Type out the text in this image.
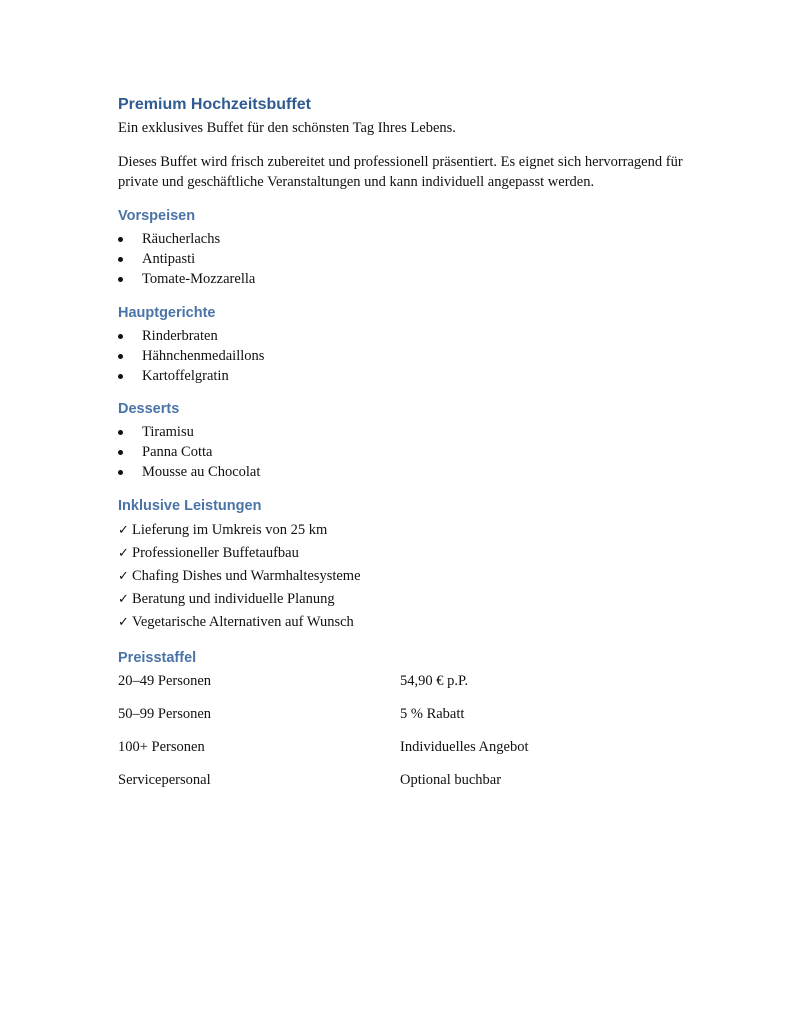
Premium Hochzeitsbuffet

Ein exklusives Buffet für den schönsten Tag Ihres Lebens.

Dieses Buffet wird frisch zubereitet und professionell präsentiert. Es eignet sich hervorragend für private und geschäftliche Veranstaltungen und kann individuell angepasst werden.

Vorspeisen
Räucherlachs
Antipasti
Tomate-Mozzarella
Hauptgerichte
Rinderbraten
Hähnchenmedaillons
Kartoffelgratin
Desserts
Tiramisu
Panna Cotta
Mousse au Chocolat
Inklusive Leistungen
✓ Lieferung im Umkreis von 25 km
✓ Professioneller Buffetaufbau
✓ Chafing Dishes und Warmhaltesysteme
✓ Beratung und individuelle Planung
✓ Vegetarische Alternativen auf Wunsch
Preisstaffel
20–49 Personen	54,90 € p.P.
50–99 Personen	5 % Rabatt
100+ Personen	Individuelles Angebot
Servicepersonal	Optional buchbar
